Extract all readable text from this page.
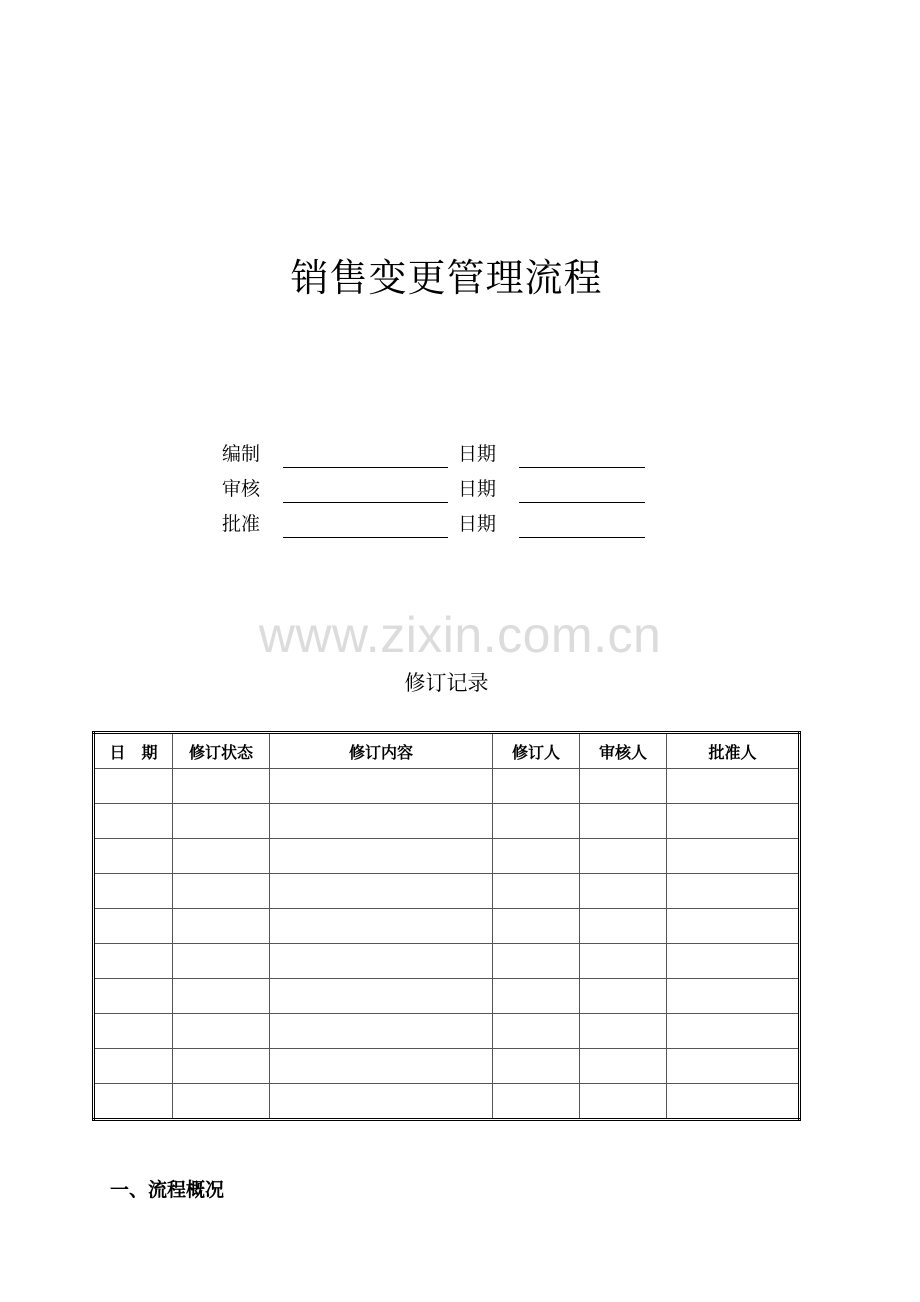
销售变更管理流程
编制	日期
审核	日期
批准	日期
www.zixin.com.cn
修订记录
日　期	修订状态	修订内容	修订人	审核人	批准人

一、流程概况
